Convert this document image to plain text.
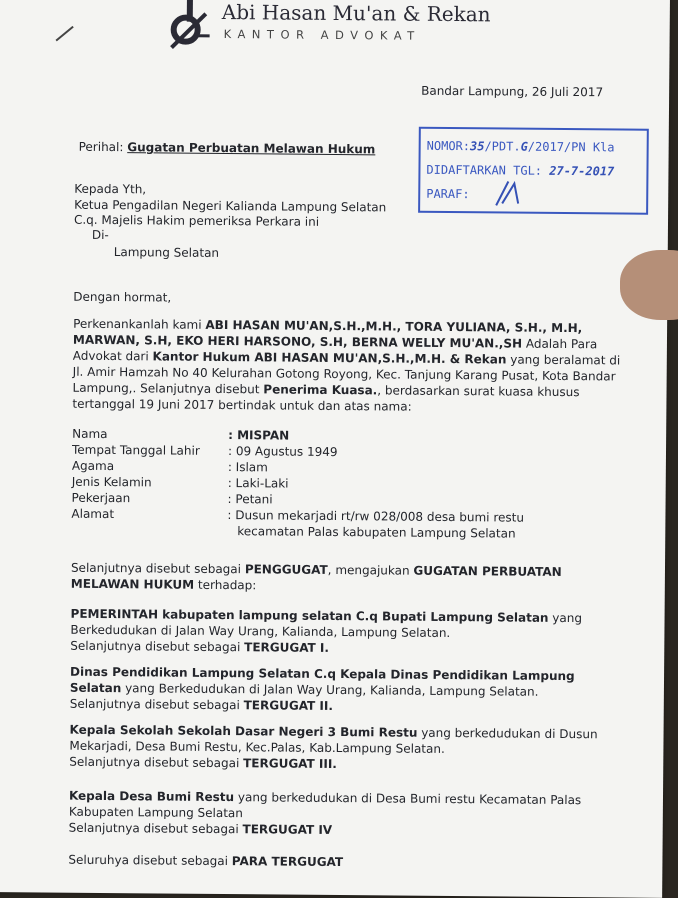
Abi Hasan Mu'an & Rekan
KANTOR ADVOKAT
Bandar Lampung, 26 Juli 2017
NOMOR:35/PDT.G/2017/PN Kla
DIDAFTARKAN TGL: 27-7-2017
PARAF:
Perihal: Gugatan Perbuatan Melawan Hukum
Kepada Yth,
Ketua Pengadilan Negeri Kalianda Lampung Selatan
C.q. Majelis Hakim pemeriksa Perkara ini
Di-
Lampung Selatan
Dengan hormat,
Perkenankanlah kami ABI HASAN MU'AN,S.H.,M.H., TORA YULIANA, S.H., M.H,
MARWAN, S.H, EKO HERI HARSONO, S.H, BERNA WELLY MU'AN.,SH Adalah Para
Advokat dari Kantor Hukum ABI HASAN MU'AN,S.H.,M.H. & Rekan yang beralamat di
Jl. Amir Hamzah No 40 Kelurahan Gotong Royong, Kec. Tanjung Karang Pusat, Kota Bandar
Lampung,. Selanjutnya disebut Penerima Kuasa., berdasarkan surat kuasa khusus
tertanggal 19 Juni 2017 bertindak untuk dan atas nama:
Nama	: MISPAN
Tempat Tanggal Lahir : 09 Agustus 1949
Agama	: Islam
Jenis Kelamin	: Laki-Laki
Pekerjaan	: Petani
Alamat	: Dusun mekarjadi rt/rw 028/008 desa bumi restu
kecamatan Palas kabupaten Lampung Selatan
Selanjutnya disebut sebagai PENGGUGAT, mengajukan GUGATAN PERBUATAN
MELAWAN HUKUM terhadap:
PEMERINTAH kabupaten lampung selatan C.q Bupati Lampung Selatan yang
Berkedudukan di Jalan Way Urang, Kalianda, Lampung Selatan.
Selanjutnya disebut sebagai TERGUGAT I.
Dinas Pendidikan Lampung Selatan C.q Kepala Dinas Pendidikan Lampung
Selatan yang Berkedudukan di Jalan Way Urang, Kalianda, Lampung Selatan.
Selanjutnya disebut sebagai TERGUGAT II.
Kepala Sekolah Sekolah Dasar Negeri 3 Bumi Restu yang berkedudukan di Dusun
Mekarjadi, Desa Bumi Restu, Kec.Palas, Kab.Lampung Selatan.
Selanjutnya disebut sebagai TERGUGAT III.
Kepala Desa Bumi Restu yang berkedudukan di Desa Bumi restu Kecamatan Palas
Kabupaten Lampung Selatan
Selanjutnya disebut sebagai TERGUGAT IV
Seluruhya disebut sebagai PARA TERGUGAT
